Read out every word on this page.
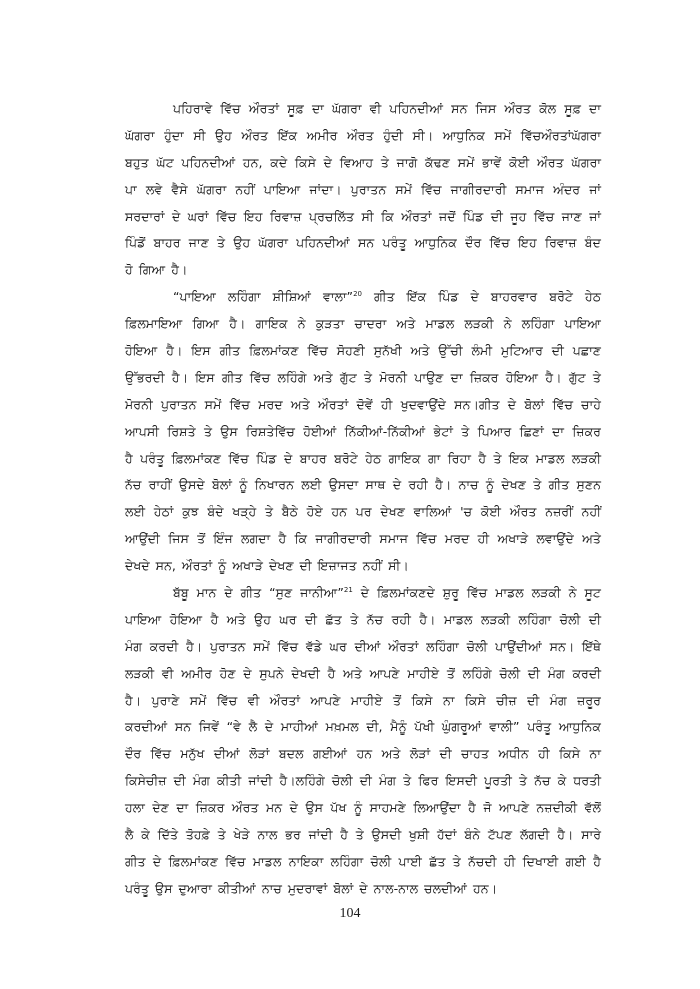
ਪਹਿਰਾਵੇ ਵਿੱਚ ਔਰਤਾਂ ਸੂਫ਼ ਦਾ ਘੱਗਰਾ ਵੀ ਪਹਿਨਦੀਆਂ ਸਨ ਜਿਸ ਔਰਤ ਕੋਲ ਸੂਫ਼ ਦਾ
ਘੱਗਰਾ ਹੁੰਦਾ ਸੀ ਉਹ ਔਰਤ ਇੱਕ ਅਮੀਰ ਔਰਤ ਹੁੰਦੀ ਸੀ। ਆਧੁਨਿਕ ਸਮੇਂ ਵਿੱਚਔਰਤਾਂਘੱਗਰਾ
ਬਹੁਤ ਘੱਟ ਪਹਿਨਦੀਆਂ ਹਨ, ਕਦੇ ਕਿਸੇ ਦੇ ਵਿਆਹ ਤੇ ਜਾਗੋ ਕੱਢਣ ਸਮੇਂ ਭਾਵੇਂ ਕੋਈ ਔਰਤ ਘੱਗਰਾ
ਪਾ ਲਵੇ ਵੈਸੇ ਘੱਗਰਾ ਨਹੀਂ ਪਾਇਆ ਜਾਂਦਾ। ਪੁਰਾਤਨ ਸਮੇਂ ਵਿੱਚ ਜਾਗੀਰਦਾਰੀ ਸਮਾਜ ਅੰਦਰ ਜਾਂ
ਸਰਦਾਰਾਂ ਦੇ ਘਰਾਂ ਵਿੱਚ ਇਹ ਰਿਵਾਜ਼ ਪ੍ਰਚਲਿੱਤ ਸੀ ਕਿ ਔਰਤਾਂ ਜਦੋਂ ਪਿੰਡ ਦੀ ਜੂਹ ਵਿੱਚ ਜਾਣ ਜਾਂ
ਪਿੰਡੋਂ ਬਾਹਰ ਜਾਣ ਤੇ ਉਹ ਘੱਗਰਾ ਪਹਿਨਦੀਆਂ ਸਨ ਪਰੰਤੂ ਆਧੁਨਿਕ ਦੌਰ ਵਿੱਚ ਇਹ ਰਿਵਾਜ਼ ਬੰਦ
ਹੋ ਗਿਆ ਹੈ।
“ਪਾਇਆ ਲਹਿੰਗਾ ਸ਼ੀਸ਼ਿਆਂ ਵਾਲਾ”$^{20}$ ਗੀਤ ਇੱਕ ਪਿੰਡ ਦੇ ਬਾਹਰਵਾਰ ਬਰੋਟੇ ਹੇਠ
ਫ਼ਿਲਮਾਇਆ ਗਿਆ ਹੈ। ਗਾਇਕ ਨੇ ਕੁੜਤਾ ਚਾਦਰਾ ਅਤੇ ਮਾਡਲ ਲੜਕੀ ਨੇ ਲਹਿੰਗਾ ਪਾਇਆ
ਹੋਇਆ ਹੈ। ਇਸ ਗੀਤ ਫ਼ਿਲਮਾਂਕਣ ਵਿੱਚ ਸੋਹਣੀ ਸੁਨੱਖੀ ਅਤੇ ਉੱਚੀ ਲੰਮੀ ਮੁਟਿਆਰ ਦੀ ਪਛਾਣ
ਉੱਭਰਦੀ ਹੈ। ਇਸ ਗੀਤ ਵਿੱਚ ਲਹਿੰਗੇ ਅਤੇ ਗੁੱਟ ਤੇ ਮੋਰਨੀ ਪਾਉਣ ਦਾ ਜ਼ਿਕਰ ਹੋਇਆ ਹੈ। ਗੁੱਟ ਤੇ
ਮੋਰਨੀ ਪੁਰਾਤਨ ਸਮੇਂ ਵਿੱਚ ਮਰਦ ਅਤੇ ਔਰਤਾਂ ਦੋਵੇਂ ਹੀ ਖੁਦਵਾਉਂਦੇ ਸਨ।ਗੀਤ ਦੇ ਬੋਲਾਂ ਵਿੱਚ ਚਾਹੇ
ਆਪਸੀ ਰਿਸ਼ਤੇ ਤੇ ਉਸ ਰਿਸ਼ਤੇਵਿੱਚ ਹੋਈਆਂ ਨਿੱਕੀਆਂ-ਨਿੱਕੀਆਂ ਭੇਟਾਂ ਤੇ ਪਿਆਰ ਛਿਣਾਂ ਦਾ ਜ਼ਿਕਰ
ਹੈ ਪਰੰਤੂ ਫ਼ਿਲਮਾਂਕਣ ਵਿੱਚ ਪਿੰਡ ਦੇ ਬਾਹਰ ਬਰੋਟੇ ਹੇਠ ਗਾਇਕ ਗਾ ਰਿਹਾ ਹੈ ਤੇ ਇਕ ਮਾਡਲ ਲੜਕੀ
ਨੱਚ ਰਾਹੀਂ ਉਸਦੇ ਬੋਲਾਂ ਨੂੰ ਨਿਖਾਰਨ ਲਈ ਉਸਦਾ ਸਾਥ ਦੇ ਰਹੀ ਹੈ। ਨਾਚ ਨੂੰ ਦੇਖਣ ਤੇ ਗੀਤ ਸੁਣਨ
ਲਈ ਹੇਠਾਂ ਕੁਝ ਬੰਦੇ ਖੜ੍ਹੇ ਤੇ ਬੈਠੇ ਹੋਏ ਹਨ ਪਰ ਦੇਖਣ ਵਾਲਿਆਂ 'ਚ ਕੋਈ ਔਰਤ ਨਜ਼ਰੀਂ ਨਹੀਂ
ਆਉਂਦੀ ਜਿਸ ਤੋਂ ਇੰਜ ਲਗਦਾ ਹੈ ਕਿ ਜਾਗੀਰਦਾਰੀ ਸਮਾਜ ਵਿੱਚ ਮਰਦ ਹੀ ਅਖਾੜੇ ਲਵਾਉਂਦੇ ਅਤੇ
ਦੇਖਦੇ ਸਨ, ਔਰਤਾਂ ਨੂੰ ਅਖਾੜੇ ਦੇਖਣ ਦੀ ਇਜ਼ਾਜਤ ਨਹੀਂ ਸੀ।
ਬੱਬੂ ਮਾਨ ਦੇ ਗੀਤ “ਸੁਣ ਜਾਨੀਆ”$^{21}$ ਦੇ ਫ਼ਿਲਮਾਂਕਣਦੇ ਸ਼ੁਰੂ ਵਿੱਚ ਮਾਡਲ ਲੜਕੀ ਨੇ ਸੂਟ
ਪਾਇਆ ਹੋਇਆ ਹੈ ਅਤੇ ਉਹ ਘਰ ਦੀ ਛੱਤ ਤੇ ਨੱਚ ਰਹੀ ਹੈ। ਮਾਡਲ ਲੜਕੀ ਲਹਿੰਗਾ ਚੋਲੀ ਦੀ
ਮੰਗ ਕਰਦੀ ਹੈ। ਪੁਰਾਤਨ ਸਮੇਂ ਵਿੱਚ ਵੱਡੇ ਘਰ ਦੀਆਂ ਔਰਤਾਂ ਲਹਿੰਗਾ ਚੋਲੀ ਪਾਉਂਦੀਆਂ ਸਨ। ਇੱਥੇ
ਲੜਕੀ ਵੀ ਅਮੀਰ ਹੋਣ ਦੇ ਸੁਪਨੇ ਦੇਖਦੀ ਹੈ ਅਤੇ ਆਪਣੇ ਮਾਹੀਏ ਤੋਂ ਲਹਿੰਗੇ ਚੋਲੀ ਦੀ ਮੰਗ ਕਰਦੀ
ਹੈ। ਪੁਰਾਣੇ ਸਮੇਂ ਵਿੱਚ ਵੀ ਔਰਤਾਂ ਆਪਣੇ ਮਾਹੀਏ ਤੋਂ ਕਿਸੇ ਨਾ ਕਿਸੇ ਚੀਜ਼ ਦੀ ਮੰਗ ਜ਼ਰੂਰ
ਕਰਦੀਆਂ ਸਨ ਜਿਵੇਂ “ਵੇ ਲੈ ਦੇ ਮਾਹੀਆਂ ਮਖ਼ਮਲ ਦੀ, ਮੈਨੂੰ ਪੱਖੀ ਘੁੰਗਰੂਆਂ ਵਾਲੀ” ਪਰੰਤੂ ਆਧੁਨਿਕ
ਦੌਰ ਵਿੱਚ ਮਨੁੱਖ ਦੀਆਂ ਲੋੜਾਂ ਬਦਲ ਗਈਆਂ ਹਨ ਅਤੇ ਲੋੜਾਂ ਦੀ ਚਾਹਤ ਅਧੀਨ ਹੀ ਕਿਸੇ ਨਾ
ਕਿਸੇਚੀਜ਼ ਦੀ ਮੰਗ ਕੀਤੀ ਜਾਂਦੀ ਹੈ।ਲਹਿੰਗੇ ਚੋਲੀ ਦੀ ਮੰਗ ਤੇ ਫਿਰ ਇਸਦੀ ਪੂਰਤੀ ਤੇ ਨੱਚ ਕੇ ਧਰਤੀ
ਹਲਾ ਦੇਣ ਦਾ ਜ਼ਿਕਰ ਔਰਤ ਮਨ ਦੇ ਉਸ ਪੱਖ ਨੂੰ ਸਾਹਮਣੇ ਲਿਆਉਂਦਾ ਹੈ ਜੋ ਆਪਣੇ ਨਜ਼ਦੀਕੀ ਵੱਲੋਂ
ਲੈ ਕੇ ਦਿੱਤੇ ਤੋਹਫ਼ੇ ਤੇ ਖੇੜੇ ਨਾਲ ਭਰ ਜਾਂਦੀ ਹੈ ਤੇ ਉਸਦੀ ਖੁਸ਼ੀ ਹੱਦਾਂ ਬੰਨੇ ਟੱਪਣ ਲੱਗਦੀ ਹੈ। ਸਾਰੇ
ਗੀਤ ਦੇ ਫ਼ਿਲਮਾਂਕਣ ਵਿੱਚ ਮਾਡਲ ਨਾਇਕਾ ਲਹਿੰਗਾ ਚੋਲੀ ਪਾਈ ਛੱਤ ਤੇ ਨੱਚਦੀ ਹੀ ਦਿਖਾਈ ਗਈ ਹੈ
ਪਰੰਤੂ ਉਸ ਦੁਆਰਾ ਕੀਤੀਆਂ ਨਾਚ ਮੁਦਰਾਵਾਂ ਬੋਲਾਂ ਦੇ ਨਾਲ-ਨਾਲ ਚਲਦੀਆਂ ਹਨ।
104
